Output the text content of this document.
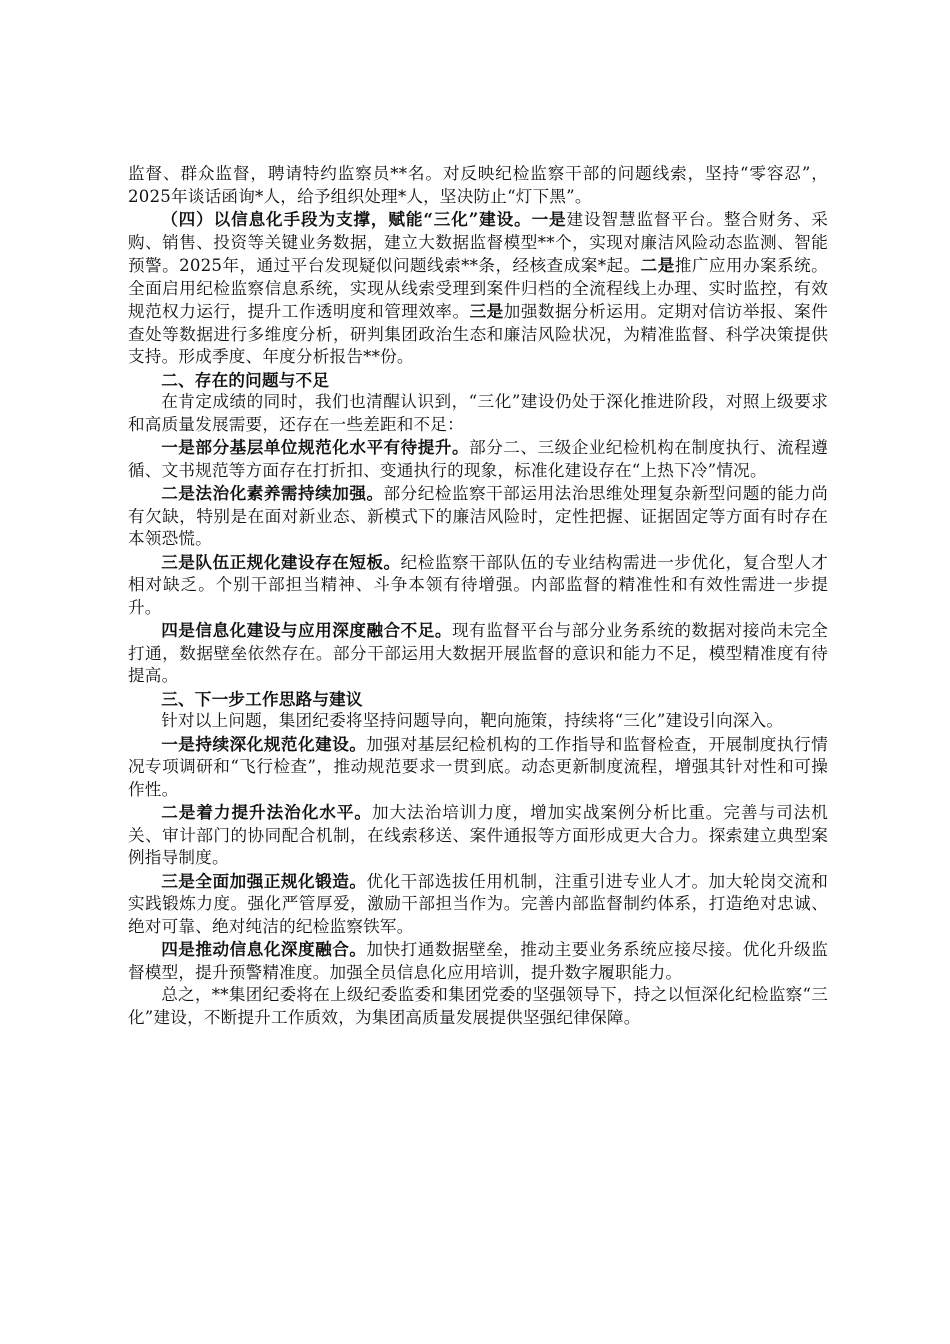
监督、群众监督，聘请特约监察员**名。对反映纪检监察干部的问题线索，坚持“零容忍”，2025年谈话函询*人，给予组织处理*人，坚决防止“灯下黑”。

（四）以信息化手段为支撑，赋能“三化”建设。一是建设智慧监督平台。整合财务、采购、销售、投资等关键业务数据，建立大数据监督模型**个，实现对廉洁风险动态监测、智能预警。2025年，通过平台发现疑似问题线索**条，经核查成案*起。二是推广应用办案系统。全面启用纪检监察信息系统，实现从线索受理到案件归档的全流程线上办理、实时监控，有效规范权力运行，提升工作透明度和管理效率。三是加强数据分析运用。定期对信访举报、案件查处等数据进行多维度分析，研判集团政治生态和廉洁风险状况，为精准监督、科学决策提供支持。形成季度、年度分析报告**份。

二、存在的问题与不足

在肯定成绩的同时，我们也清醒认识到，“三化”建设仍处于深化推进阶段，对照上级要求和高质量发展需要，还存在一些差距和不足：

一是部分基层单位规范化水平有待提升。部分二、三级企业纪检机构在制度执行、流程遵循、文书规范等方面存在打折扣、变通执行的现象，标准化建设存在“上热下冷”情况。

二是法治化素养需持续加强。部分纪检监察干部运用法治思维处理复杂新型问题的能力尚有欠缺，特别是在面对新业态、新模式下的廉洁风险时，定性把握、证据固定等方面有时存在本领恐慌。

三是队伍正规化建设存在短板。纪检监察干部队伍的专业结构需进一步优化，复合型人才相对缺乏。个别干部担当精神、斗争本领有待增强。内部监督的精准性和有效性需进一步提升。

四是信息化建设与应用深度融合不足。现有监督平台与部分业务系统的数据对接尚未完全打通，数据壁垒依然存在。部分干部运用大数据开展监督的意识和能力不足，模型精准度有待提高。

三、下一步工作思路与建议

针对以上问题，集团纪委将坚持问题导向，靶向施策，持续将“三化”建设引向深入。

一是持续深化规范化建设。加强对基层纪检机构的工作指导和监督检查，开展制度执行情况专项调研和“飞行检查”，推动规范要求一贯到底。动态更新制度流程，增强其针对性和可操作性。

二是着力提升法治化水平。加大法治培训力度，增加实战案例分析比重。完善与司法机关、审计部门的协同配合机制，在线索移送、案件通报等方面形成更大合力。探索建立典型案例指导制度。

三是全面加强正规化锻造。优化干部选拔任用机制，注重引进专业人才。加大轮岗交流和实践锻炼力度。强化严管厚爱，激励干部担当作为。完善内部监督制约体系，打造绝对忠诚、绝对可靠、绝对纯洁的纪检监察铁军。

四是推动信息化深度融合。加快打通数据壁垒，推动主要业务系统应接尽接。优化升级监督模型，提升预警精准度。加强全员信息化应用培训，提升数字履职能力。

总之，**集团纪委将在上级纪委监委和集团党委的坚强领导下，持之以恒深化纪检监察“三化”建设，不断提升工作质效，为集团高质量发展提供坚强纪律保障。
